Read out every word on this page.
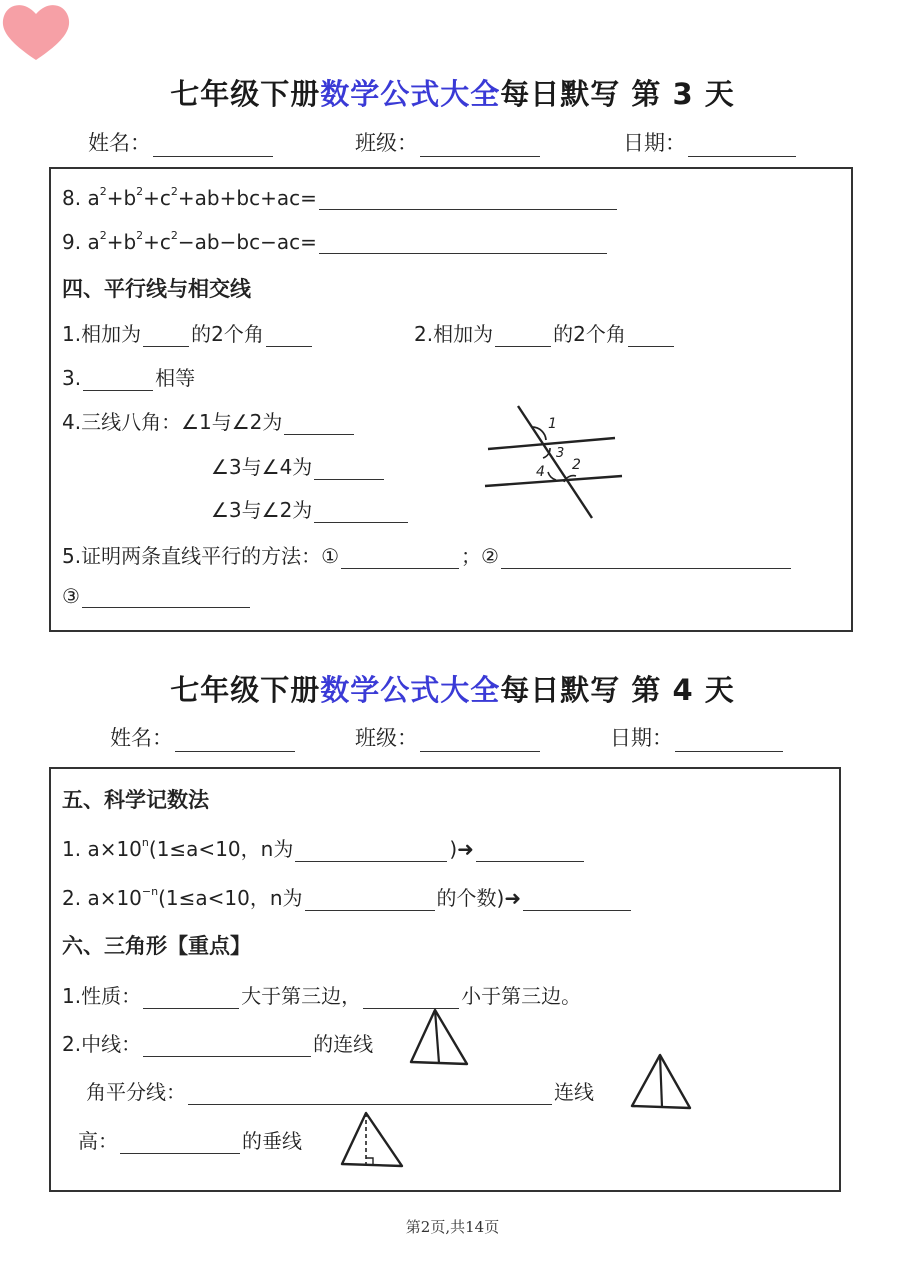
七年级下册数学公式大全每日默写 第 3 天
姓名：	班级：	日期：
8. $a^2+b^2+c^2+ab+bc+ac=$
9. $a^2+b^2+c^2-ab-bc-ac=$
四、平行线与相交线
1.相加为	的2个角	2.相加为	的2个角
3.	相等
4.三线八角：∠1与∠2为
∠3与∠4为
∠3与∠2为
1
3
4 2
5.证明两条直线平行的方法：①	；②
③
七年级下册数学公式大全每日默写 第 4 天
姓名：	班级：	日期：
五、科学记数法
1. $a\times 10^n(1\le a<10$，n为	)➜
2. $a\times 10^{-n}(1\le a<10$，n为	的个数)➜
六、三角形【重点】
1.性质：	大于第三边，	小于第三边。
2.中线：	的连线
角平分线：	连线
高：	的垂线
第2页,共14页
